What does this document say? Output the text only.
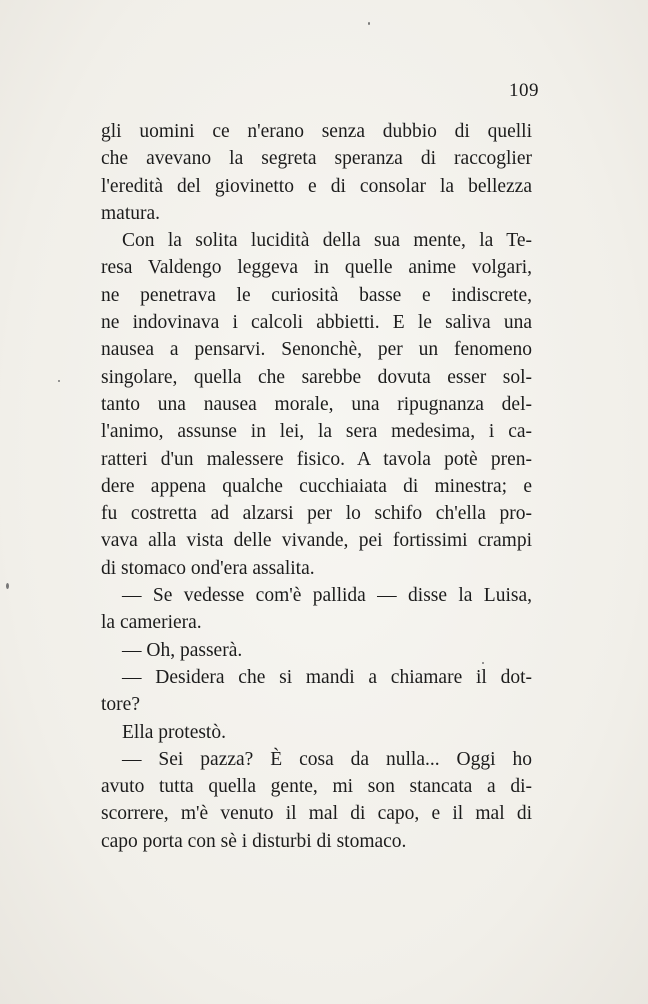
109
gli uomini ce n'erano senza dubbio di quelli
che avevano la segreta speranza di raccoglier
l'eredità del giovinetto e di consolar la bellezza
matura.
Con la solita lucidità della sua mente, la Te-
resa Valdengo leggeva in quelle anime volgari,
ne penetrava le curiosità basse e indiscrete,
ne indovinava i calcoli abbietti. E le saliva una
nausea a pensarvi. Senonchè, per un fenomeno
singolare, quella che sarebbe dovuta esser sol-
tanto una nausea morale, una ripugnanza del-
l'animo, assunse in lei, la sera medesima, i ca-
ratteri d'un malessere fisico. A tavola potè pren-
dere appena qualche cucchiaiata di minestra; e
fu costretta ad alzarsi per lo schifo ch'ella pro-
vava alla vista delle vivande, pei fortissimi crampi
di stomaco ond'era assalita.
— Se vedesse com'è pallida — disse la Luisa,
la cameriera.
— Oh, passerà.
— Desidera che si mandi a chiamare il dot-
tore?
Ella protestò.
— Sei pazza? È cosa da nulla... Oggi ho
avuto tutta quella gente, mi son stancata a di-
scorrere, m'è venuto il mal di capo, e il mal di
capo porta con sè i disturbi di stomaco.
